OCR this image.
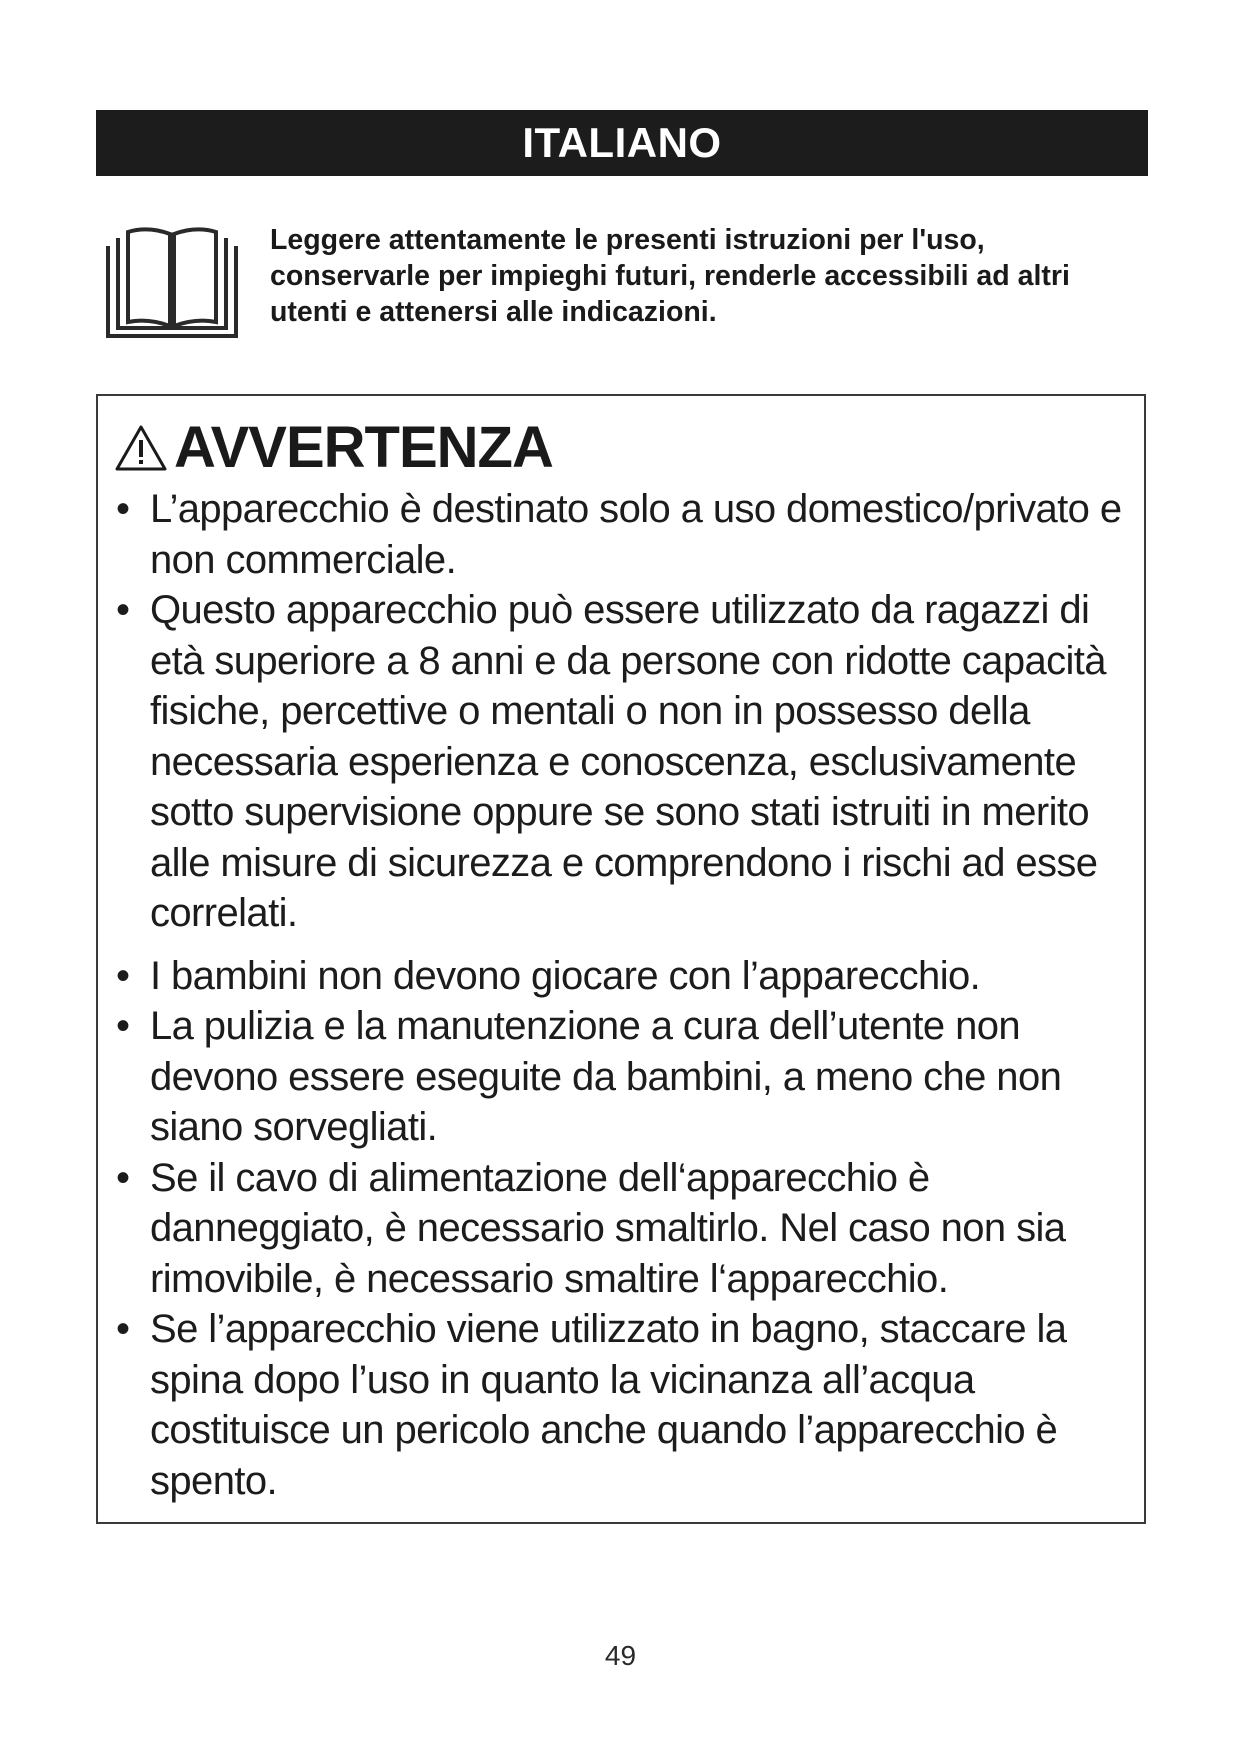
ITALIANO
Leggere attentamente le presenti istruzioni per l'uso, conservarle per impieghi futuri, renderle accessibili ad altri utenti e attenersi alle indicazioni.
AVVERTENZA
• L’apparecchio è destinato solo a uso domestico/privato e non commerciale.
• Questo apparecchio può essere utilizzato da ragazzi di età superiore a 8 anni e da persone con ridotte capacità fisiche, percettive o mentali o non in possesso della necessaria esperienza e conoscenza, esclusivamente sotto supervisione oppure se sono stati istruiti in merito alle misure di sicurezza e comprendono i rischi ad esse correlati.
• I bambini non devono giocare con l’apparecchio.
• La pulizia e la manutenzione a cura dell’utente non devono essere eseguite da bambini, a meno che non siano sorvegliati.
• Se il cavo di alimentazione dell‘apparecchio è danneggiato, è necessario smaltirlo. Nel caso non sia rimovibile, è necessario smaltire l‘apparecchio.
• Se l’apparecchio viene utilizzato in bagno, staccare la spina dopo l’uso in quanto la vicinanza all’acqua costituisce un pericolo anche quando l’apparecchio è spento.
49
